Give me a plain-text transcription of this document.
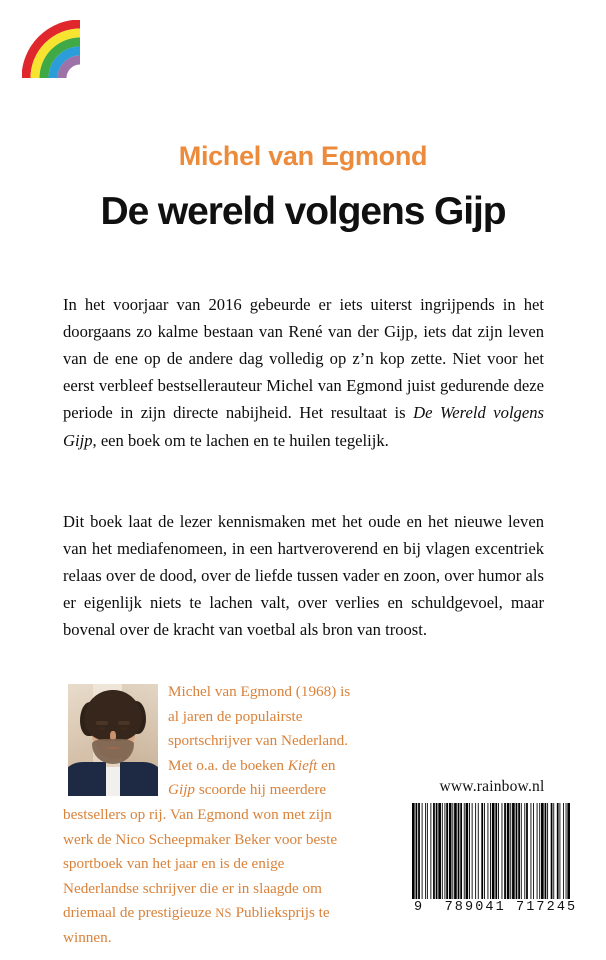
Michel van Egmond
De wereld volgens Gijp

In het voorjaar van 2016 gebeurde er iets uiterst ingrijpends in het doorgaans zo kalme bestaan van René van der Gijp, iets dat zijn leven van de ene op de andere dag volledig op z’n kop zette. Niet voor het eerst verbleef bestsellerauteur Michel van Egmond juist gedurende deze periode in zijn directe nabijheid. Het resultaat is De Wereld volgens Gijp, een boek om te lachen en te huilen tegelijk.

Dit boek laat de lezer kennismaken met het oude en het nieuwe leven van het mediafenomeen, in een hartveroverend en bij vlagen excentriek relaas over de dood, over de liefde tussen vader en zoon, over humor als er eigenlijk niets te lachen valt, over verlies en schuldgevoel, maar bovenal over de kracht van voetbal als bron van troost.

Michel van Egmond (1968) is al jaren de populairste sportschrijver van Nederland. Met o.a. de boeken Kieft en Gijp scoorde hij meerdere bestsellers op rij. Van Egmond won met zijn werk de Nico Scheepmaker Beker voor beste sportboek van het jaar en is de enige Nederlandse schrijver die er in slaagde om driemaal de prestigieuze NS Publieksprijs te winnen.
www.rainbow.nl
9  789041 717245
